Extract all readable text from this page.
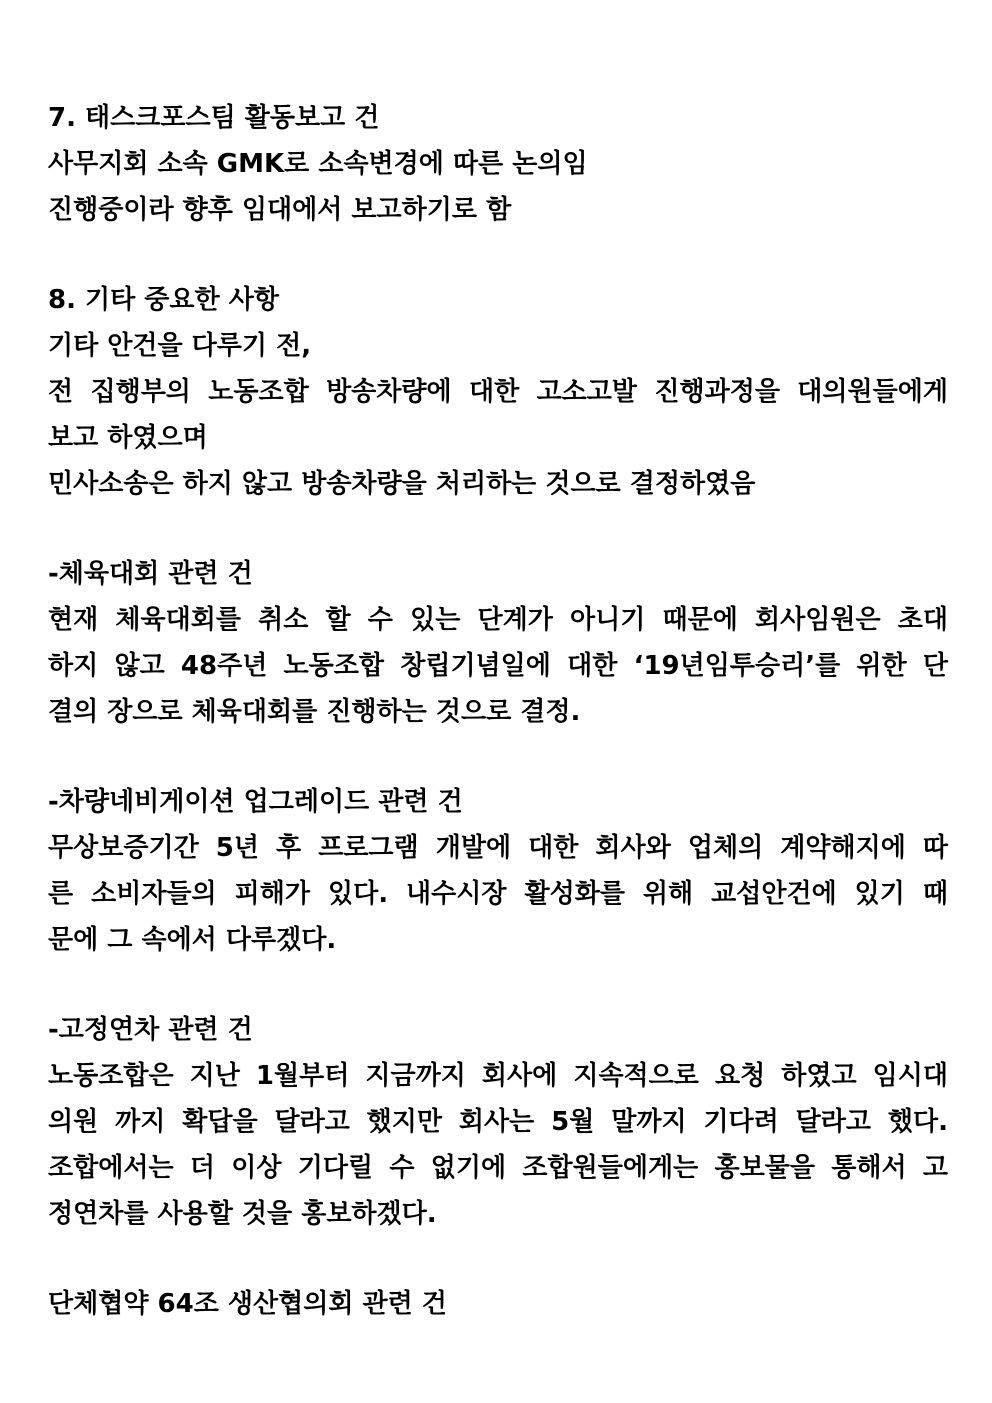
7. 태스크포스팀 활동보고 건
사무지회 소속 GMK로 소속변경에 따른 논의임
진행중이라 향후 임대에서 보고하기로 함
8. 기타 중요한 사항
기타 안건을 다루기 전,
전 집행부의 노동조합 방송차량에 대한 고소고발 진행과정을 대의원들에게
보고 하였으며
민사소송은 하지 않고 방송차량을 처리하는 것으로 결정하였음
-체육대회 관련 건
현재 체육대회를 취소 할 수 있는 단계가 아니기 때문에 회사임원은 초대
하지 않고 48주년 노동조합 창립기념일에 대한 ‘19년임투승리’를 위한 단
결의 장으로 체육대회를 진행하는 것으로 결정.
-차량네비게이션 업그레이드 관련 건
무상보증기간 5년 후 프로그램 개발에 대한 회사와 업체의 계약해지에 따
른 소비자들의 피해가 있다. 내수시장 활성화를 위해 교섭안건에 있기 때
문에 그 속에서 다루겠다.
-고정연차 관련 건
노동조합은 지난 1월부터 지금까지 회사에 지속적으로 요청 하였고 임시대
의원 까지 확답을 달라고 했지만 회사는 5월 말까지 기다려 달라고 했다.
조합에서는 더 이상 기다릴 수 없기에 조합원들에게는 홍보물을 통해서 고
정연차를 사용할 것을 홍보하겠다.
단체협약 64조 생산협의회 관련 건
